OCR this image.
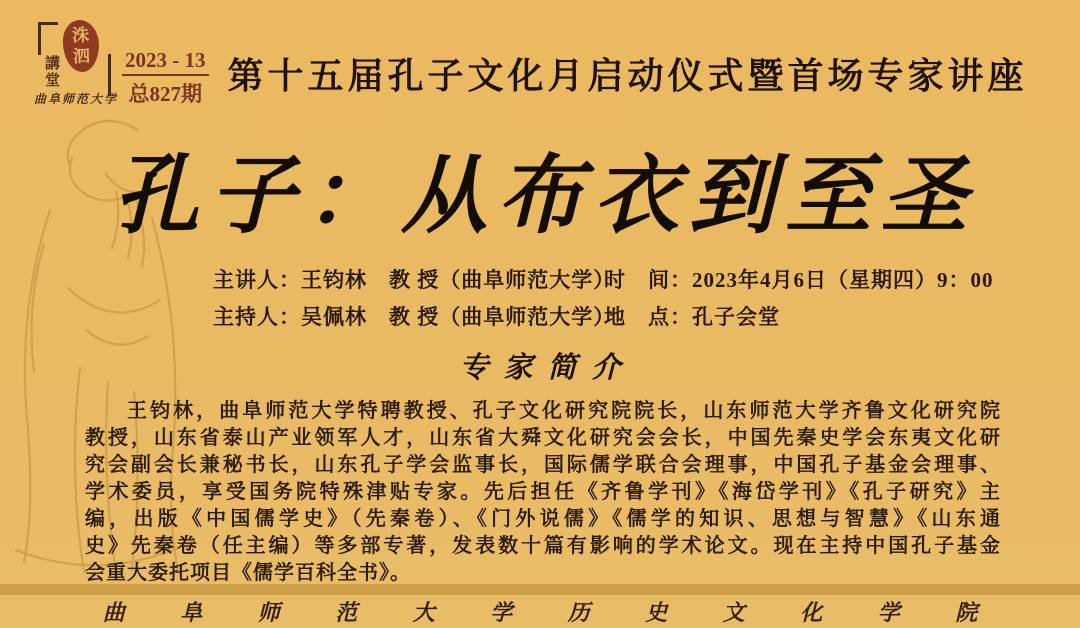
洙
泗
講堂
曲阜师范大学
2023 - 13
总827期 第十五届孔子文化月启动仪式暨首场专家讲座
孔子：从布衣到至圣
主讲人：王钧林　教 授（曲阜师范大学）
主持人：吴佩林　教 授（曲阜师范大学）
时　间：2023年4月6日（星期四）9：00
地　点：孔子会堂
专家简介
王钧林，曲阜师范大学特聘教授、孔子文化研究院院长，山东师范大学齐鲁文化研究院
教授，山东省泰山产业领军人才，山东省大舜文化研究会会长，中国先秦史学会东夷文化研
究会副会长兼秘书长，山东孔子学会监事长，国际儒学联合会理事，中国孔子基金会理事、
学术委员，享受国务院特殊津贴专家。先后担任《齐鲁学刊》《海岱学刊》《孔子研究》主
编，出版《中国儒学史》（先秦卷）、《门外说儒》《儒学的知识、思想与智慧》《山东通
史》先秦卷（任主编）等多部专著，发表数十篇有影响的学术论文。现在主持中国孔子基金
会重大委托项目《儒学百科全书》。
曲 阜 师 范 大 学 历 史 文 化 学 院
